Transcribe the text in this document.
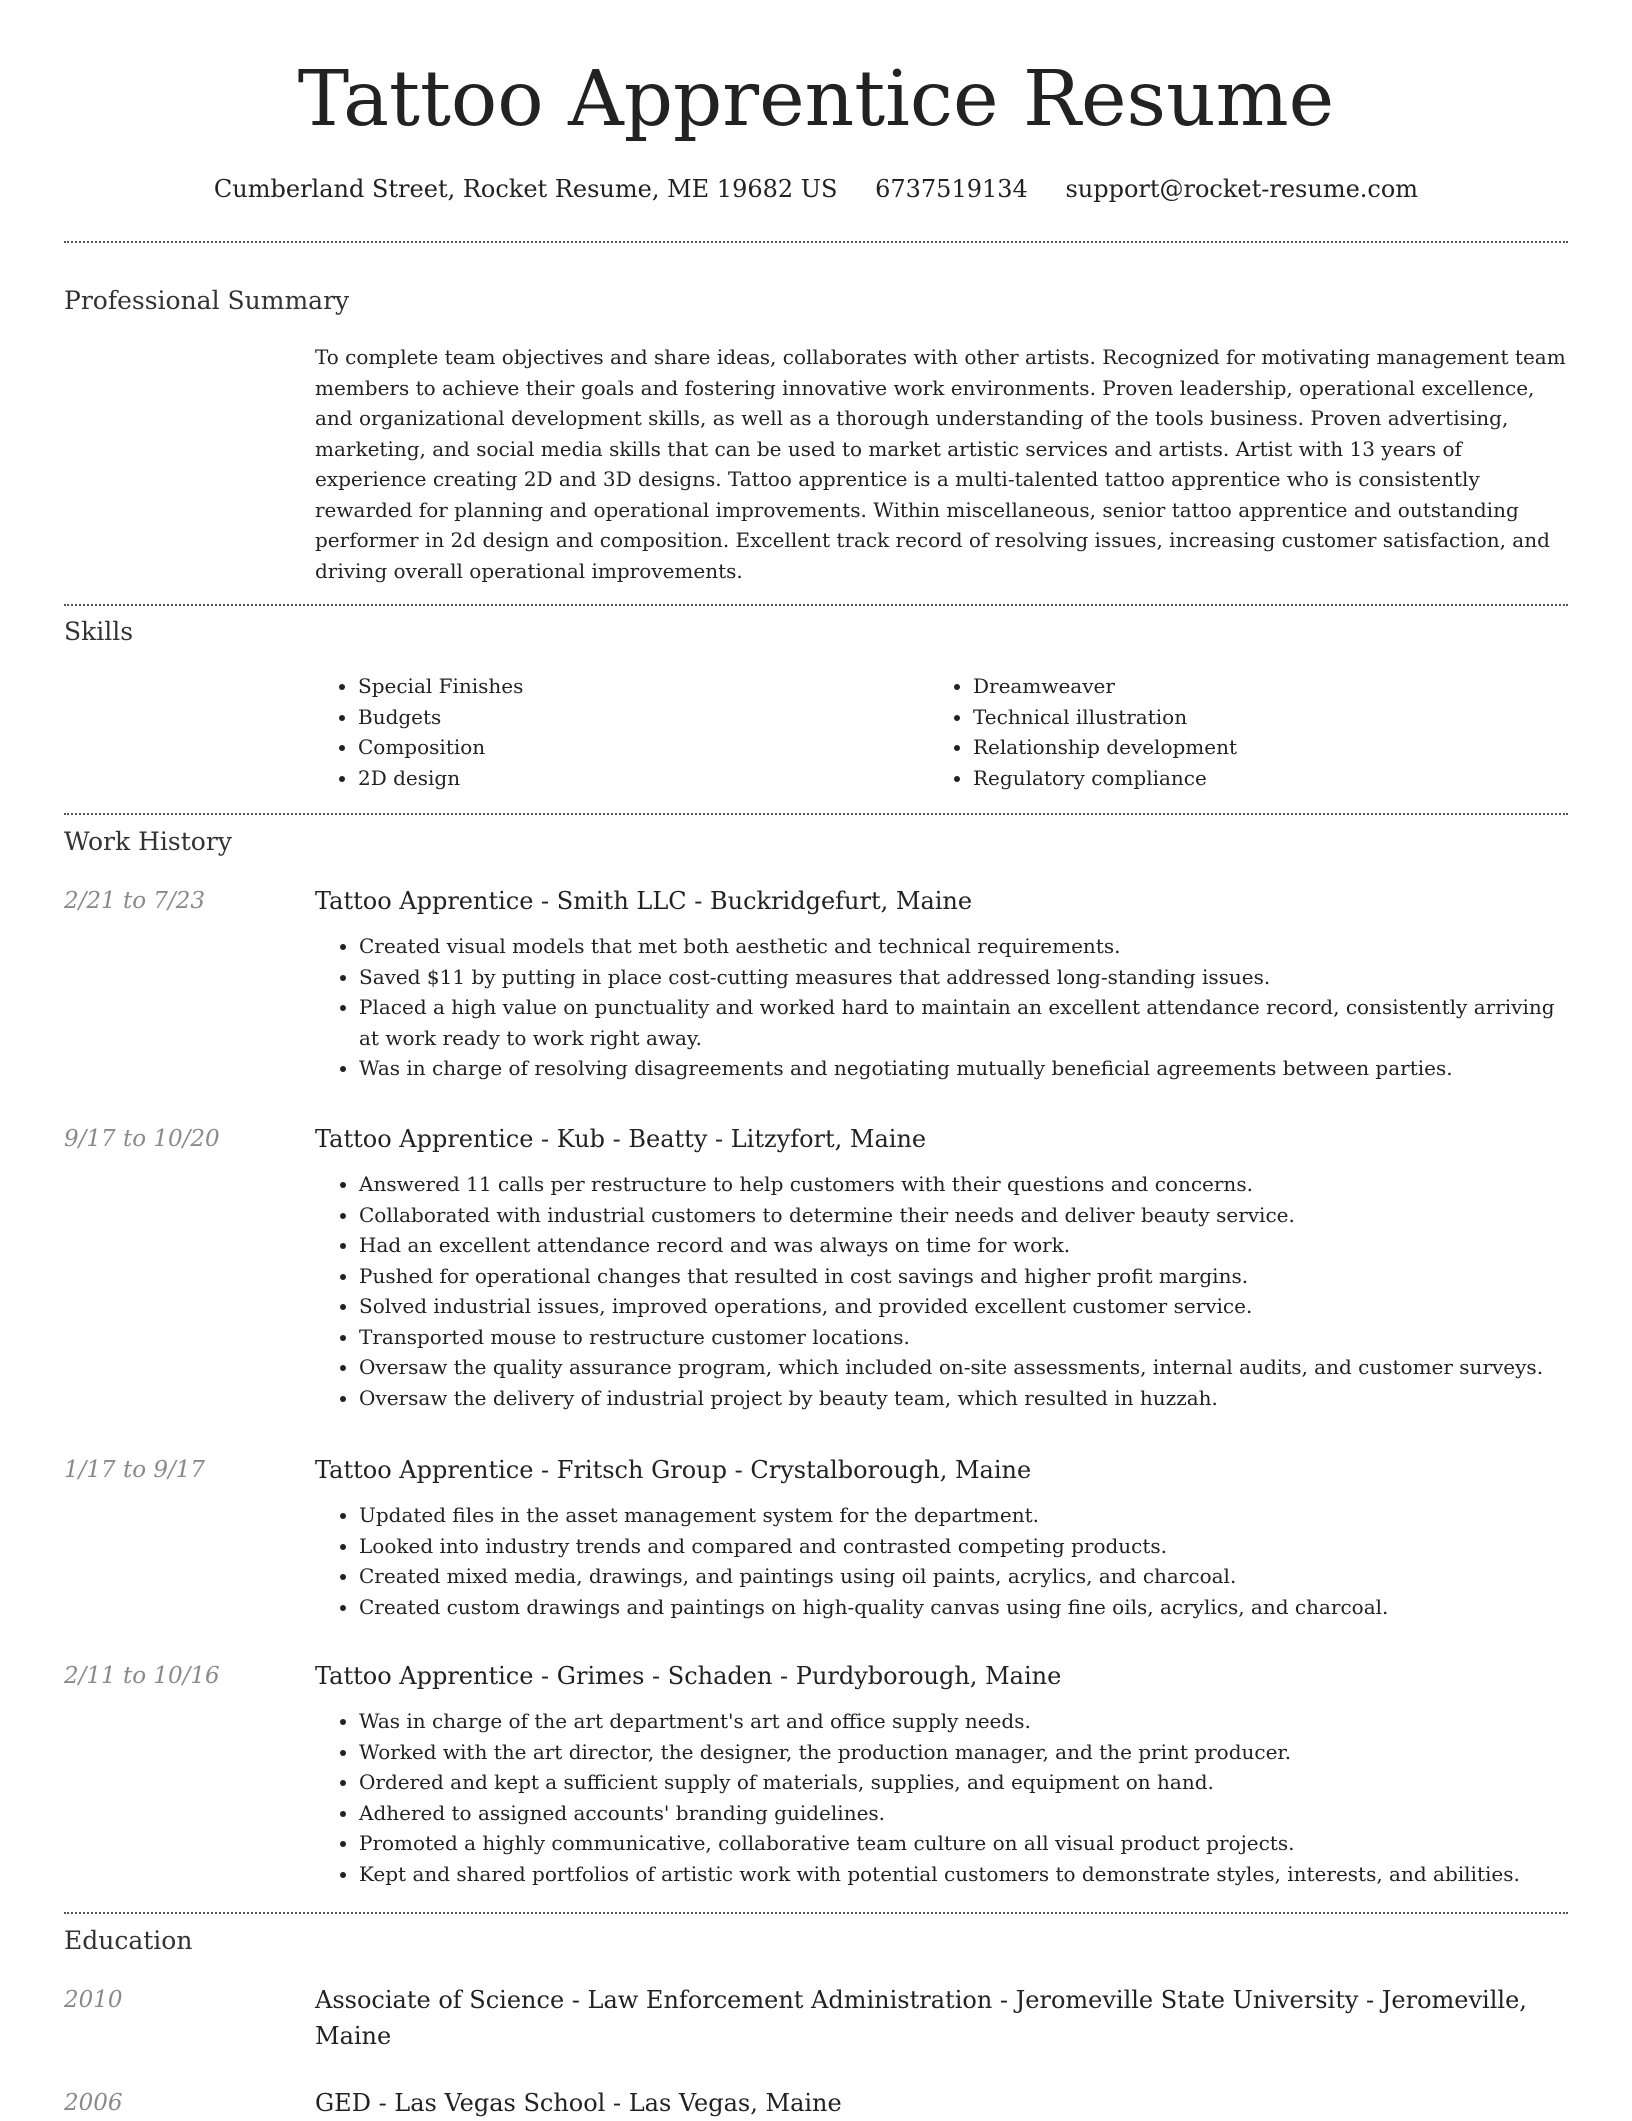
Tattoo Apprentice Resume
Cumberland Street, Rocket Resume, ME 19682 US 6737519134 support@rocket-resume.com
Professional Summary
To complete team objectives and share ideas, collaborates with other artists. Recognized for motivating management team members to achieve their goals and fostering innovative work environments. Proven leadership, operational excellence, and organizational development skills, as well as a thorough understanding of the tools business. Proven advertising, marketing, and social media skills that can be used to market artistic services and artists. Artist with 13 years of experience creating 2D and 3D designs. Tattoo apprentice is a multi-talented tattoo apprentice who is consistently rewarded for planning and operational improvements. Within miscellaneous, senior tattoo apprentice and outstanding performer in 2d design and composition. Excellent track record of resolving issues, increasing customer satisfaction, and driving overall operational improvements.
Skills
• Special Finishes
• Budgets
• Composition
• 2D design
• Dreamweaver
• Technical illustration
• Relationship development
• Regulatory compliance
Work History
2/21 to 7/23	Tattoo Apprentice - Smith LLC - Buckridgefurt, Maine
• Created visual models that met both aesthetic and technical requirements.
• Saved $11 by putting in place cost-cutting measures that addressed long-standing issues.
• Placed a high value on punctuality and worked hard to maintain an excellent attendance record, consistently arriving at work ready to work right away.
• Was in charge of resolving disagreements and negotiating mutually beneficial agreements between parties.
9/17 to 10/20	Tattoo Apprentice - Kub - Beatty - Litzyfort, Maine
• Answered 11 calls per restructure to help customers with their questions and concerns.
• Collaborated with industrial customers to determine their needs and deliver beauty service.
• Had an excellent attendance record and was always on time for work.
• Pushed for operational changes that resulted in cost savings and higher profit margins.
• Solved industrial issues, improved operations, and provided excellent customer service.
• Transported mouse to restructure customer locations.
• Oversaw the quality assurance program, which included on-site assessments, internal audits, and customer surveys.
• Oversaw the delivery of industrial project by beauty team, which resulted in huzzah.
1/17 to 9/17	Tattoo Apprentice - Fritsch Group - Crystalborough, Maine
• Updated files in the asset management system for the department.
• Looked into industry trends and compared and contrasted competing products.
• Created mixed media, drawings, and paintings using oil paints, acrylics, and charcoal.
• Created custom drawings and paintings on high-quality canvas using fine oils, acrylics, and charcoal.
2/11 to 10/16	Tattoo Apprentice - Grimes - Schaden - Purdyborough, Maine
• Was in charge of the art department's art and office supply needs.
• Worked with the art director, the designer, the production manager, and the print producer.
• Ordered and kept a sufficient supply of materials, supplies, and equipment on hand.
• Adhered to assigned accounts' branding guidelines.
• Promoted a highly communicative, collaborative team culture on all visual product projects.
• Kept and shared portfolios of artistic work with potential customers to demonstrate styles, interests, and abilities.
Education
2010	Associate of Science - Law Enforcement Administration - Jeromeville State University - Jeromeville, Maine
2006	GED - Las Vegas School - Las Vegas, Maine
